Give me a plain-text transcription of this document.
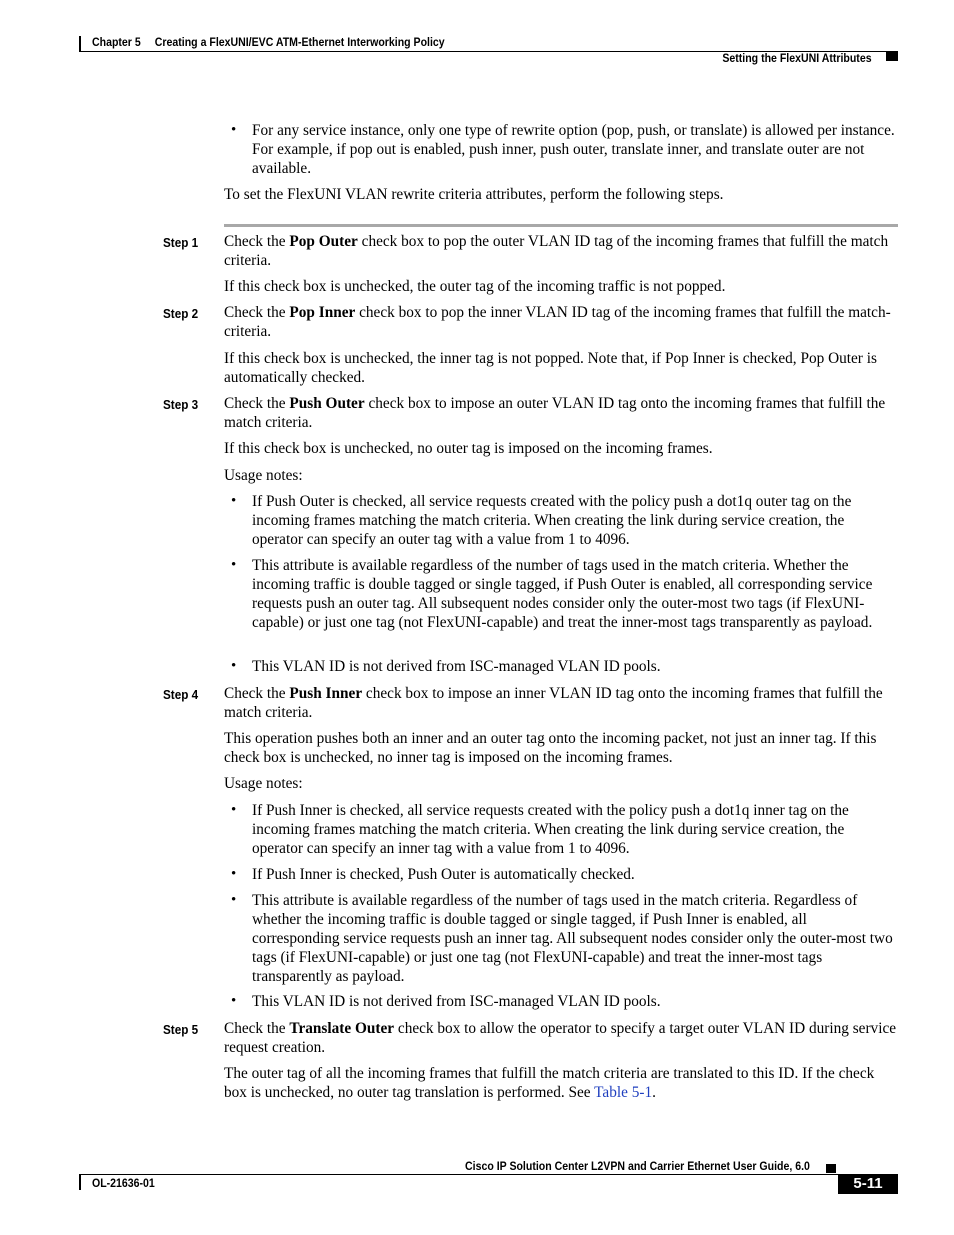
Chapter 5 Creating a FlexUNI/EVC ATM-Ethernet Interworking Policy
Setting the FlexUNI Attributes
• For any service instance, only one type of rewrite option (pop, push, or translate) is allowed per instance. For example, if pop out is enabled, push inner, push outer, translate inner, and translate outer are not available.
To set the FlexUNI VLAN rewrite criteria attributes, perform the following steps.
Step 1 Check the Pop Outer check box to pop the outer VLAN ID tag of the incoming frames that fulfill the match criteria.
If this check box is unchecked, the outer tag of the incoming traffic is not popped.
Step 2 Check the Pop Inner check box to pop the inner VLAN ID tag of the incoming frames that fulfill the match-criteria.
If this check box is unchecked, the inner tag is not popped. Note that, if Pop Inner is checked, Pop Outer is automatically checked.
Step 3 Check the Push Outer check box to impose an outer VLAN ID tag onto the incoming frames that fulfill the match criteria.
If this check box is unchecked, no outer tag is imposed on the incoming frames.
Usage notes:
• If Push Outer is checked, all service requests created with the policy push a dot1q outer tag on the incoming frames matching the match criteria. When creating the link during service creation, the operator can specify an outer tag with a value from 1 to 4096.
• This attribute is available regardless of the number of tags used in the match criteria. Whether the incoming traffic is double tagged or single tagged, if Push Outer is enabled, all corresponding service requests push an outer tag. All subsequent nodes consider only the outer-most two tags (if FlexUNI-capable) or just one tag (not FlexUNI-capable) and treat the inner-most tags transparently as payload.
• This VLAN ID is not derived from ISC-managed VLAN ID pools.
Step 4 Check the Push Inner check box to impose an inner VLAN ID tag onto the incoming frames that fulfill the match criteria.
This operation pushes both an inner and an outer tag onto the incoming packet, not just an inner tag. If this check box is unchecked, no inner tag is imposed on the incoming frames.
Usage notes:
• If Push Inner is checked, all service requests created with the policy push a dot1q inner tag on the incoming frames matching the match criteria. When creating the link during service creation, the operator can specify an inner tag with a value from 1 to 4096.
• If Push Inner is checked, Push Outer is automatically checked.
• This attribute is available regardless of the number of tags used in the match criteria. Regardless of whether the incoming traffic is double tagged or single tagged, if Push Inner is enabled, all corresponding service requests push an inner tag. All subsequent nodes consider only the outer-most two tags (if FlexUNI-capable) or just one tag (not FlexUNI-capable) and treat the inner-most tags transparently as payload.
• This VLAN ID is not derived from ISC-managed VLAN ID pools.
Step 5 Check the Translate Outer check box to allow the operator to specify a target outer VLAN ID during service request creation.
The outer tag of all the incoming frames that fulfill the match criteria are translated to this ID. If the check box is unchecked, no outer tag translation is performed. See Table 5-1.
Cisco IP Solution Center L2VPN and Carrier Ethernet User Guide, 6.0
OL-21636-01	5-11
